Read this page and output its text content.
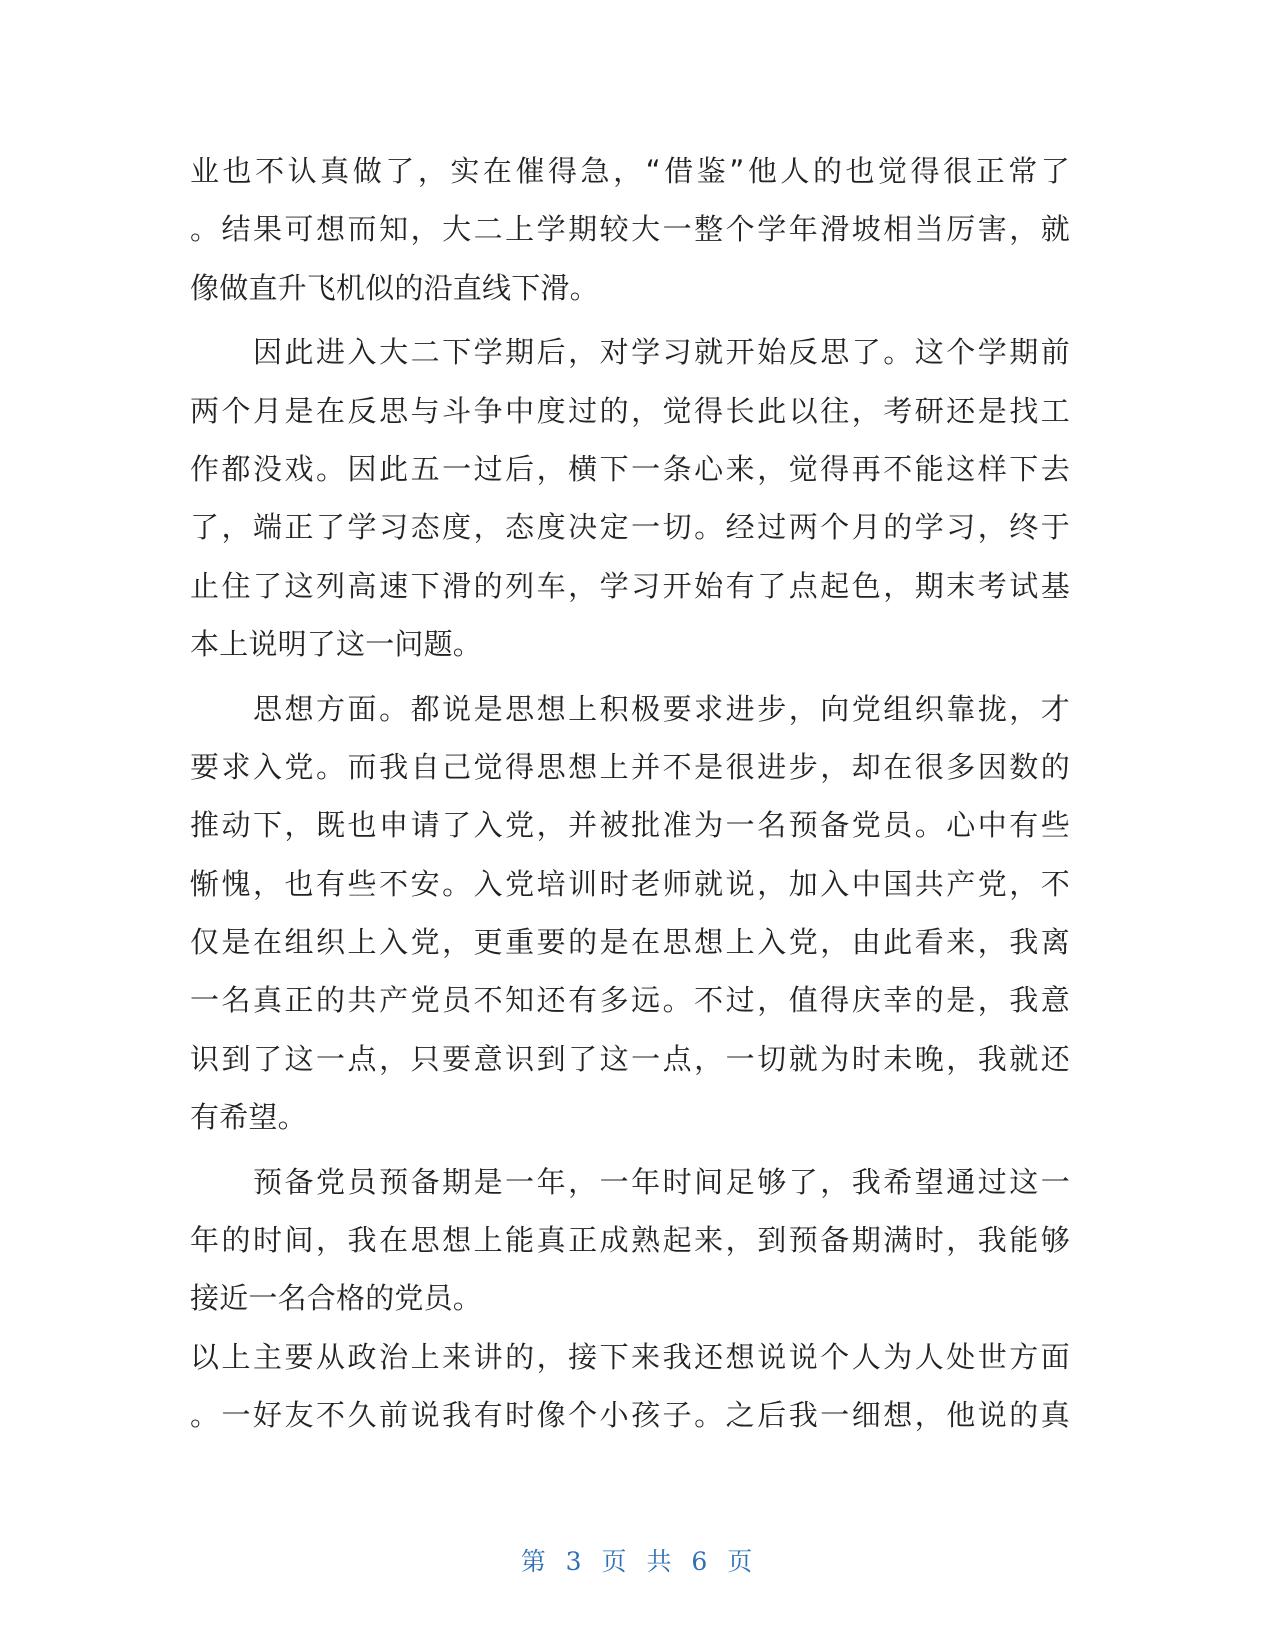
业也不认真做了，实在催得急，“借鉴”他人的也觉得很正常了
。结果可想而知，大二上学期较大一整个学年滑坡相当厉害，就
像做直升飞机似的沿直线下滑。
　　因此进入大二下学期后，对学习就开始反思了。这个学期前
两个月是在反思与斗争中度过的，觉得长此以往，考研还是找工
作都没戏。因此五一过后，横下一条心来，觉得再不能这样下去
了，端正了学习态度，态度决定一切。经过两个月的学习，终于
止住了这列高速下滑的列车，学习开始有了点起色，期末考试基
本上说明了这一问题。
　　思想方面。都说是思想上积极要求进步，向党组织靠拢，才
要求入党。而我自己觉得思想上并不是很进步，却在很多因数的
推动下，既也申请了入党，并被批准为一名预备党员。心中有些
惭愧，也有些不安。入党培训时老师就说，加入中国共产党，不
仅是在组织上入党，更重要的是在思想上入党，由此看来，我离
一名真正的共产党员不知还有多远。不过，值得庆幸的是，我意
识到了这一点，只要意识到了这一点，一切就为时未晚，我就还
有希望。
　　预备党员预备期是一年，一年时间足够了，我希望通过这一
年的时间，我在思想上能真正成熟起来，到预备期满时，我能够
接近一名合格的党员。
以上主要从政治上来讲的，接下来我还想说说个人为人处世方面
。一好友不久前说我有时像个小孩子。之后我一细想，他说的真
第 3 页 共 6 页
